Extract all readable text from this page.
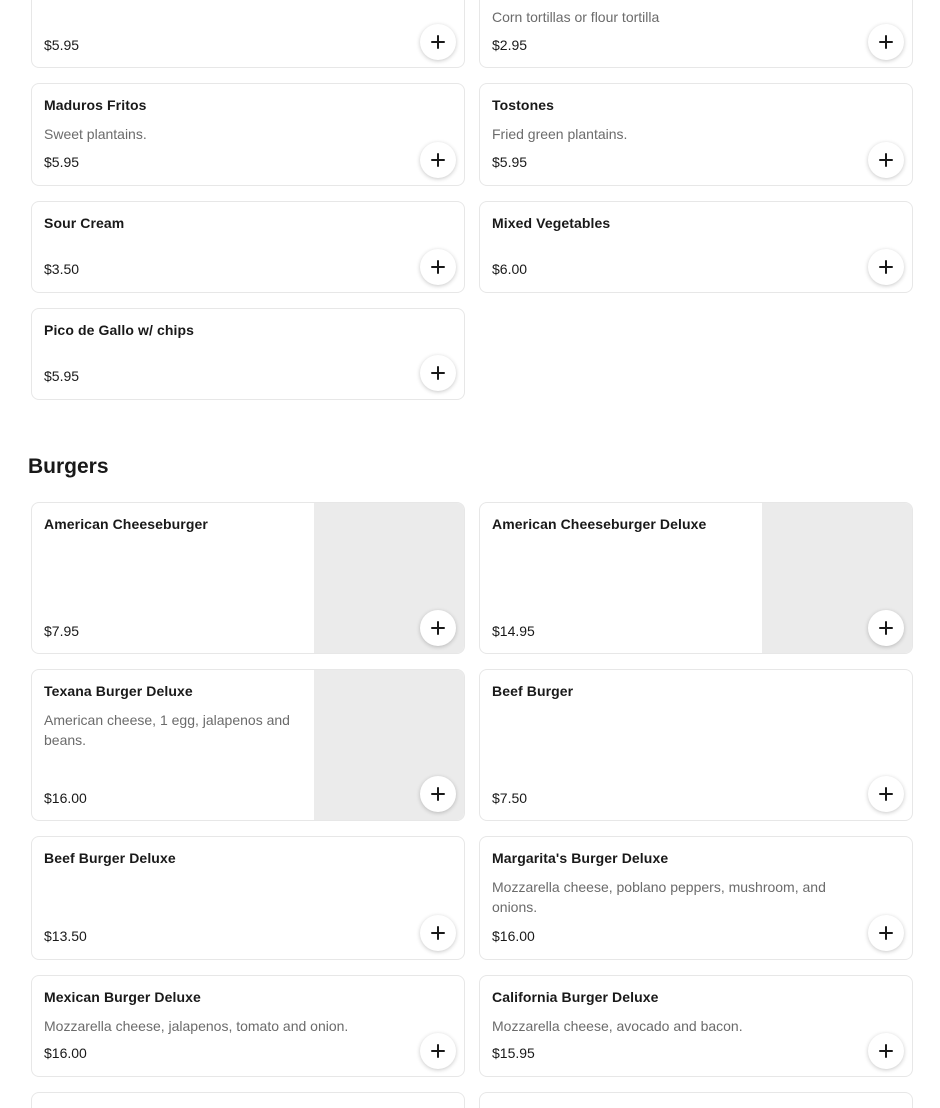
$5.95
Corn tortillas or flour tortilla
$2.95
Maduros Fritos
Sweet plantains.
$5.95
Tostones
Fried green plantains.
$5.95
Sour Cream
$3.50
Mixed Vegetables
$6.00
Pico de Gallo w/ chips
$5.95
Burgers
American Cheeseburger
$7.95
American Cheeseburger Deluxe
$14.95
Texana Burger Deluxe
American cheese, 1 egg, jalapenos and beans.
$16.00
Beef Burger
$7.50
Beef Burger Deluxe
$13.50
Margarita's Burger Deluxe
Mozzarella cheese, poblano peppers, mushroom, and onions.
$16.00
Mexican Burger Deluxe
Mozzarella cheese, jalapenos, tomato and onion.
$16.00
California Burger Deluxe
Mozzarella cheese, avocado and bacon.
$15.95
